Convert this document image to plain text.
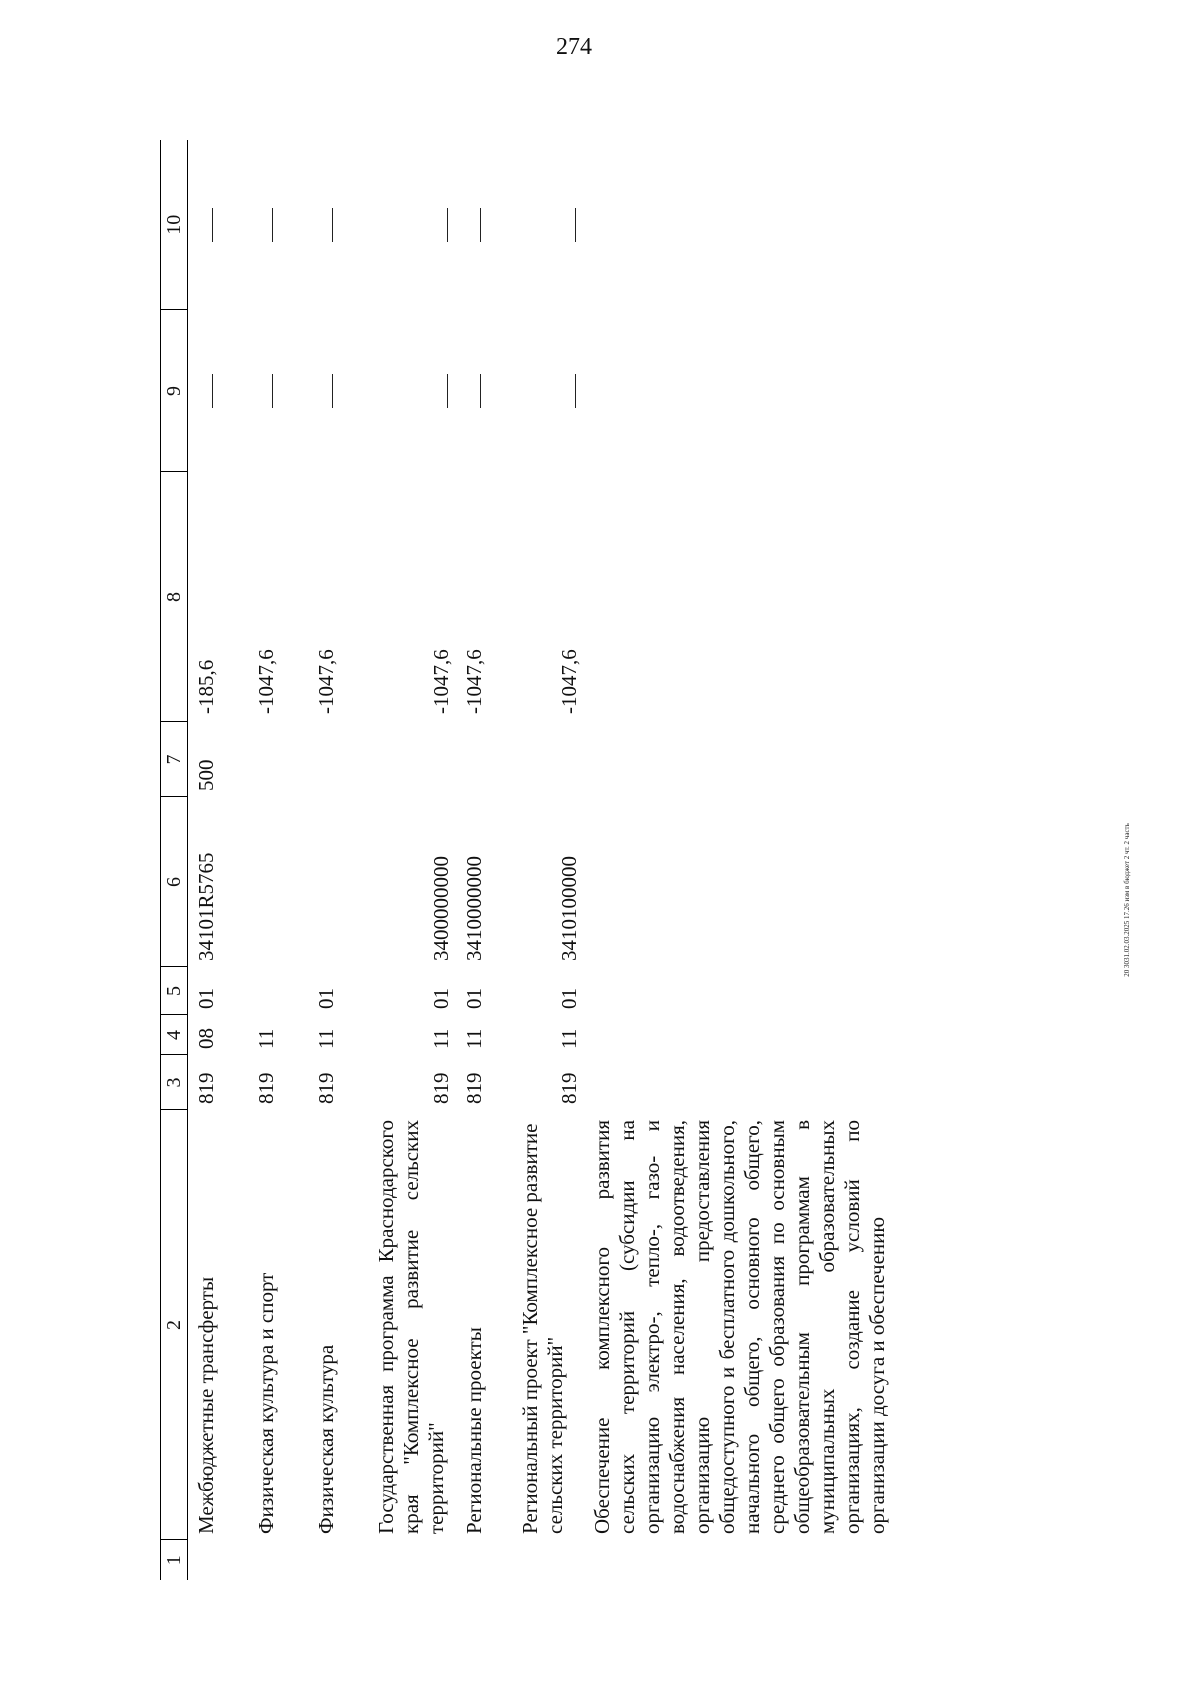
274
20 3031.02.03.2025 17.26 изм в бюджет 2 чт. 2 часть
1	2	3	4	5	6	7	8	9	10
	Межбюджетные трансферты	819	08	01	34101R5765	500	-185,6		
	Физическая культура и спорт	819	11				-1047,6		
	Физическая культура	819	11	01			-1047,6		
	Государственная программа Краснодарского края "Комплексное развитие сельских территорий"	819	11	01	3400000000		-1047,6		
	Региональные проекты	819	11	01	3410000000		-1047,6		
	Региональный проект "Комплексное развитие сельских территорий"	819	11	01	3410100000		-1047,6		
	Обеспечение комплексного развития сельских территорий (субсидии на организацию электро-, тепло-, газо- и водоснабжения населения, водоотведения, организацию предоставления общедоступного и бесплатного дошкольного, начального общего, основного общего, среднего общего образования по основным общеобразовательным программам в муниципальных образовательных организациях, создание условий по организации досуга и обеспечению								
